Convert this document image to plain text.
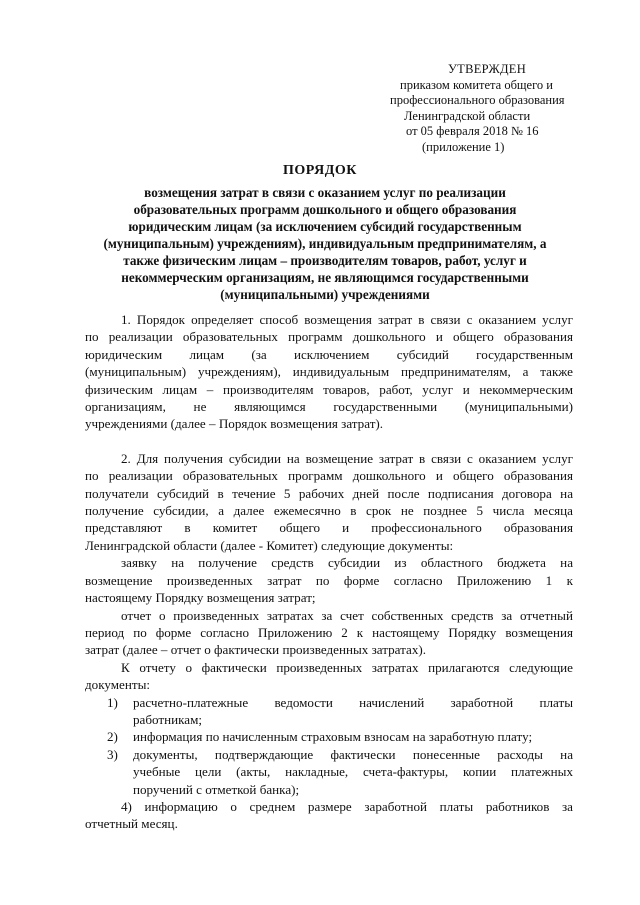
УТВЕРЖДЕН
приказом комитета общего и
профессионального образования
Ленинградской области
от 05 февраля 2018 № 16
(приложение 1)
ПОРЯДОК
возмещения затрат в связи с оказанием услуг по реализации
образовательных программ дошкольного и общего образования
юридическим лицам (за исключением субсидий государственным
(муниципальным) учреждениям), индивидуальным предпринимателям, а
также физическим лицам – производителям товаров, работ, услуг и
некоммерческим организациям, не являющимся государственными
(муниципальными) учреждениями
1. Порядок определяет способ возмещения затрат в связи с оказанием услуг
по реализации образовательных программ дошкольного и общего образования
юридическим лицам (за исключением субсидий государственным
(муниципальным) учреждениям), индивидуальным предпринимателям, а также
физическим лицам – производителям товаров, работ, услуг и некоммерческим
организациям, не являющимся государственными (муниципальными)
учреждениями (далее – Порядок возмещения затрат).
2. Для получения субсидии на возмещение затрат в связи с оказанием услуг
по реализации образовательных программ дошкольного и общего образования
получатели субсидий в течение 5 рабочих дней после подписания договора на
получение субсидии, а далее ежемесячно в срок не позднее 5 числа месяца
представляют в комитет общего и профессионального образования
Ленинградской области (далее - Комитет) следующие документы:
заявку на получение средств субсидии из областного бюджета на
возмещение произведенных затрат по форме согласно Приложению 1 к
настоящему Порядку возмещения затрат;
отчет о произведенных затратах за счет собственных средств за отчетный
период по форме согласно Приложению 2 к настоящему Порядку возмещения
затрат (далее – отчет о фактически произведенных затратах).
К отчету о фактически произведенных затратах прилагаются следующие
документы:
1)	расчетно-платежные ведомости начислений заработной платы
работникам;
2)	информация по начисленным страховым взносам на заработную плату;
3)	документы, подтверждающие фактически понесенные расходы на
учебные цели (акты, накладные, счета-фактуры, копии платежных
поручений с отметкой банка);
4) информацию о среднем размере заработной платы работников за
отчетный месяц.
